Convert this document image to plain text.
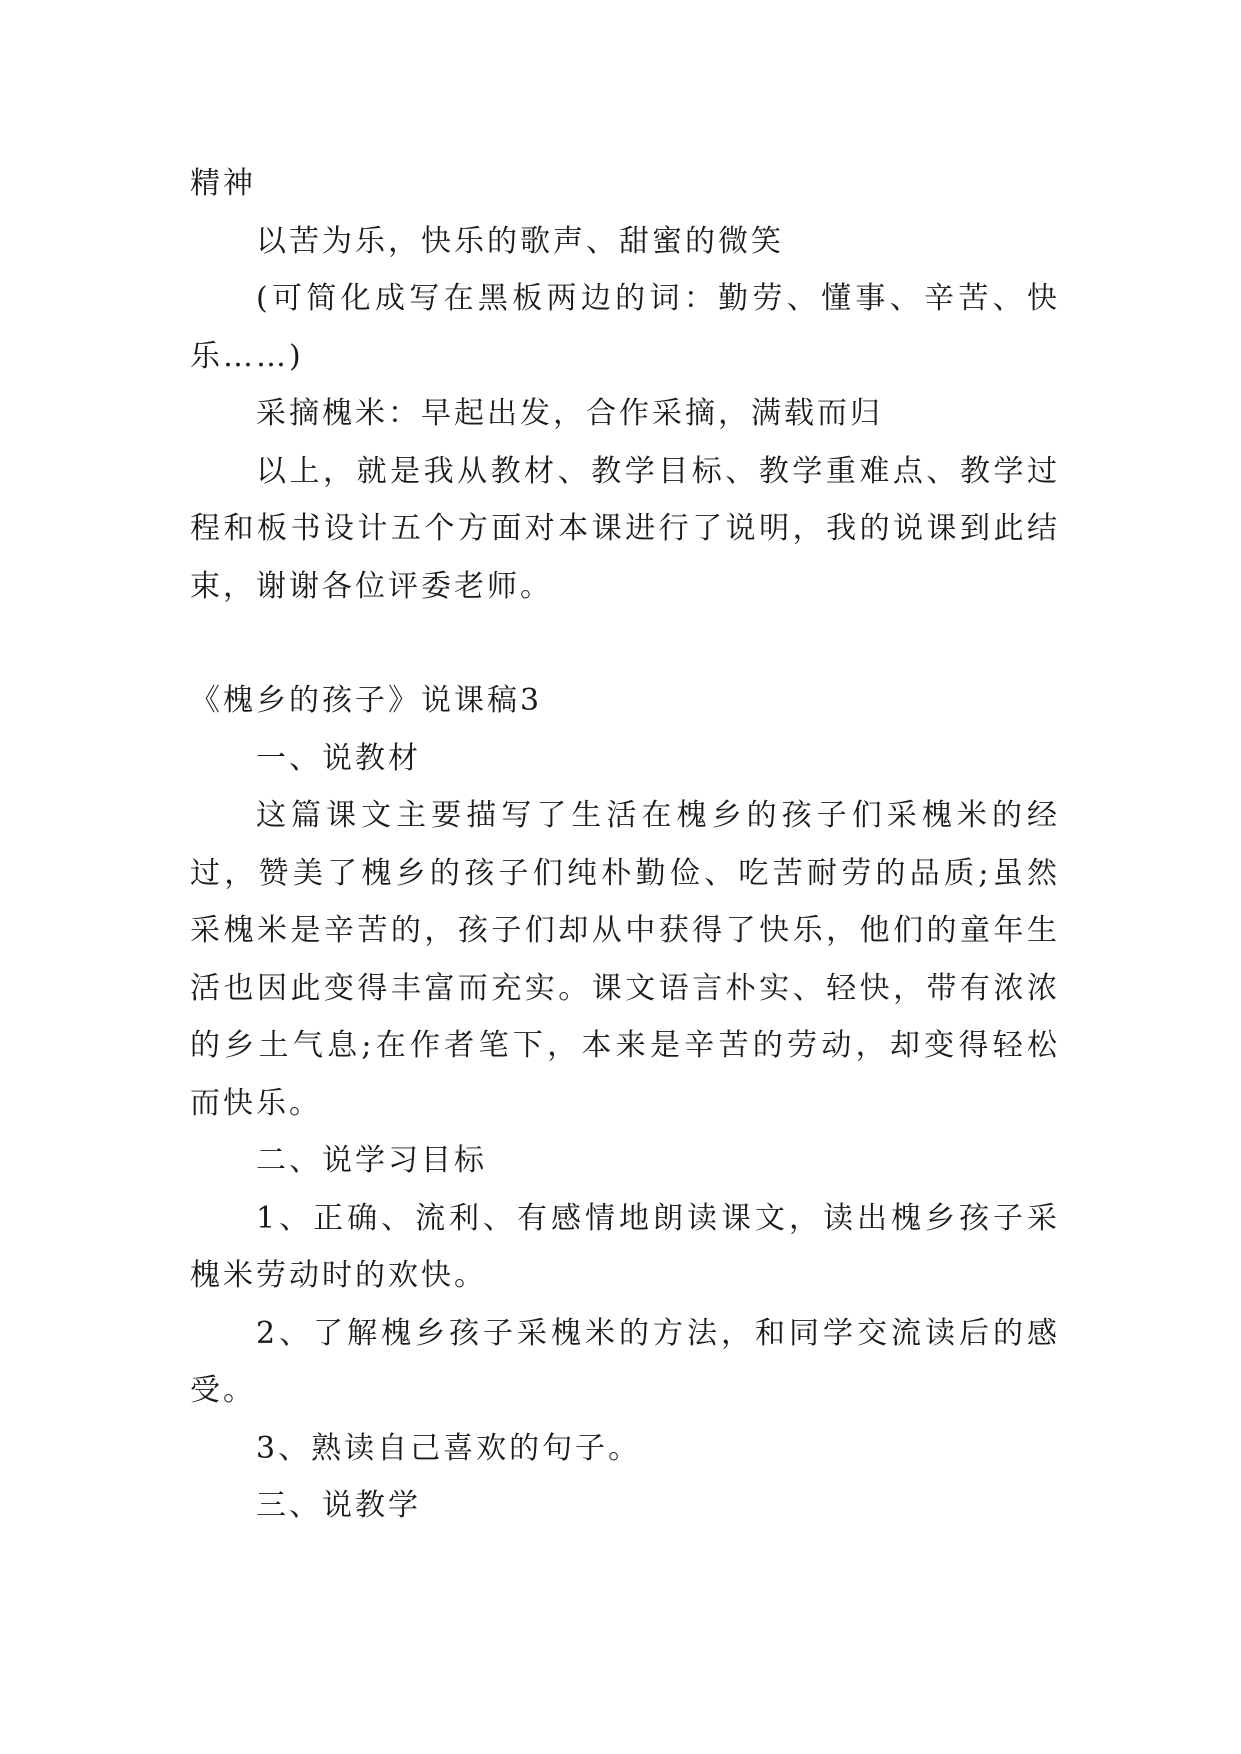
精神

以苦为乐，快乐的歌声、甜蜜的微笑

(可简化成写在黑板两边的词：勤劳、懂事、辛苦、快乐……)

采摘槐米：早起出发，合作采摘，满载而归

以上，就是我从教材、教学目标、教学重难点、教学过程和板书设计五个方面对本课进行了说明，我的说课到此结束，谢谢各位评委老师。

《槐乡的孩子》说课稿3

一、说教材

这篇课文主要描写了生活在槐乡的孩子们采槐米的经过，赞美了槐乡的孩子们纯朴勤俭、吃苦耐劳的品质;虽然采槐米是辛苦的，孩子们却从中获得了快乐，他们的童年生活也因此变得丰富而充实。课文语言朴实、轻快，带有浓浓的乡土气息;在作者笔下，本来是辛苦的劳动，却变得轻松而快乐。

二、说学习目标

1、正确、流利、有感情地朗读课文，读出槐乡孩子采槐米劳动时的欢快。

2、了解槐乡孩子采槐米的方法，和同学交流读后的感受。

3、熟读自己喜欢的句子。

三、说教学
